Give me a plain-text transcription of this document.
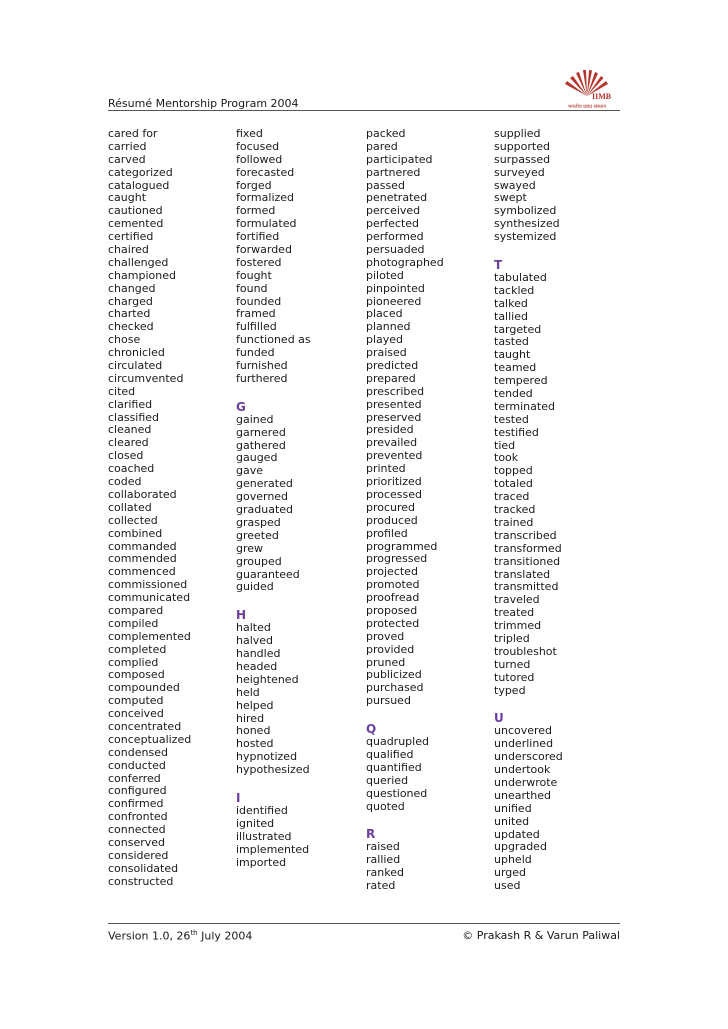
Résumé Mentorship Program 2004
IIMB
भारतीय प्रबंध संस्थान
cared for
carried
carved
categorized
catalogued
caught
cautioned
cemented
certified
chaired
challenged
championed
changed
charged
charted
checked
chose
chronicled
circulated
circumvented
cited
clarified
classified
cleaned
cleared
closed
coached
coded
collaborated
collated
collected
combined
commanded
commended
commenced
commissioned
communicated
compared
compiled
complemented
completed
complied
composed
compounded
computed
conceived
concentrated
conceptualized
condensed
conducted
conferred
configured
confirmed
confronted
connected
conserved
considered
consolidated
constructed
fixed
focused
followed
forecasted
forged
formalized
formed
formulated
fortified
forwarded
fostered
fought
found
founded
framed
fulfilled
functioned as
funded
furnished
furthered
G
gained
garnered
gathered
gauged
gave
generated
governed
graduated
grasped
greeted
grew
grouped
guaranteed
guided
H
halted
halved
handled
headed
heightened
held
helped
hired
honed
hosted
hypnotized
hypothesized
I
identified
ignited
illustrated
implemented
imported
packed
pared
participated
partnered
passed
penetrated
perceived
perfected
performed
persuaded
photographed
piloted
pinpointed
pioneered
placed
planned
played
praised
predicted
prepared
prescribed
presented
preserved
presided
prevailed
prevented
printed
prioritized
processed
procured
produced
profiled
programmed
progressed
projected
promoted
proofread
proposed
protected
proved
provided
pruned
publicized
purchased
pursued
Q
quadrupled
qualified
quantified
queried
questioned
quoted
R
raised
rallied
ranked
rated
supplied
supported
surpassed
surveyed
swayed
swept
symbolized
synthesized
systemized
T
tabulated
tackled
talked
tallied
targeted
tasted
taught
teamed
tempered
tended
terminated
tested
testified
tied
took
topped
totaled
traced
tracked
trained
transcribed
transformed
transitioned
translated
transmitted
traveled
treated
trimmed
tripled
troubleshot
turned
tutored
typed
U
uncovered
underlined
underscored
undertook
underwrote
unearthed
unified
united
updated
upgraded
upheld
urged
used
Version 1.0, 26th July 2004	© Prakash R & Varun Paliwal
